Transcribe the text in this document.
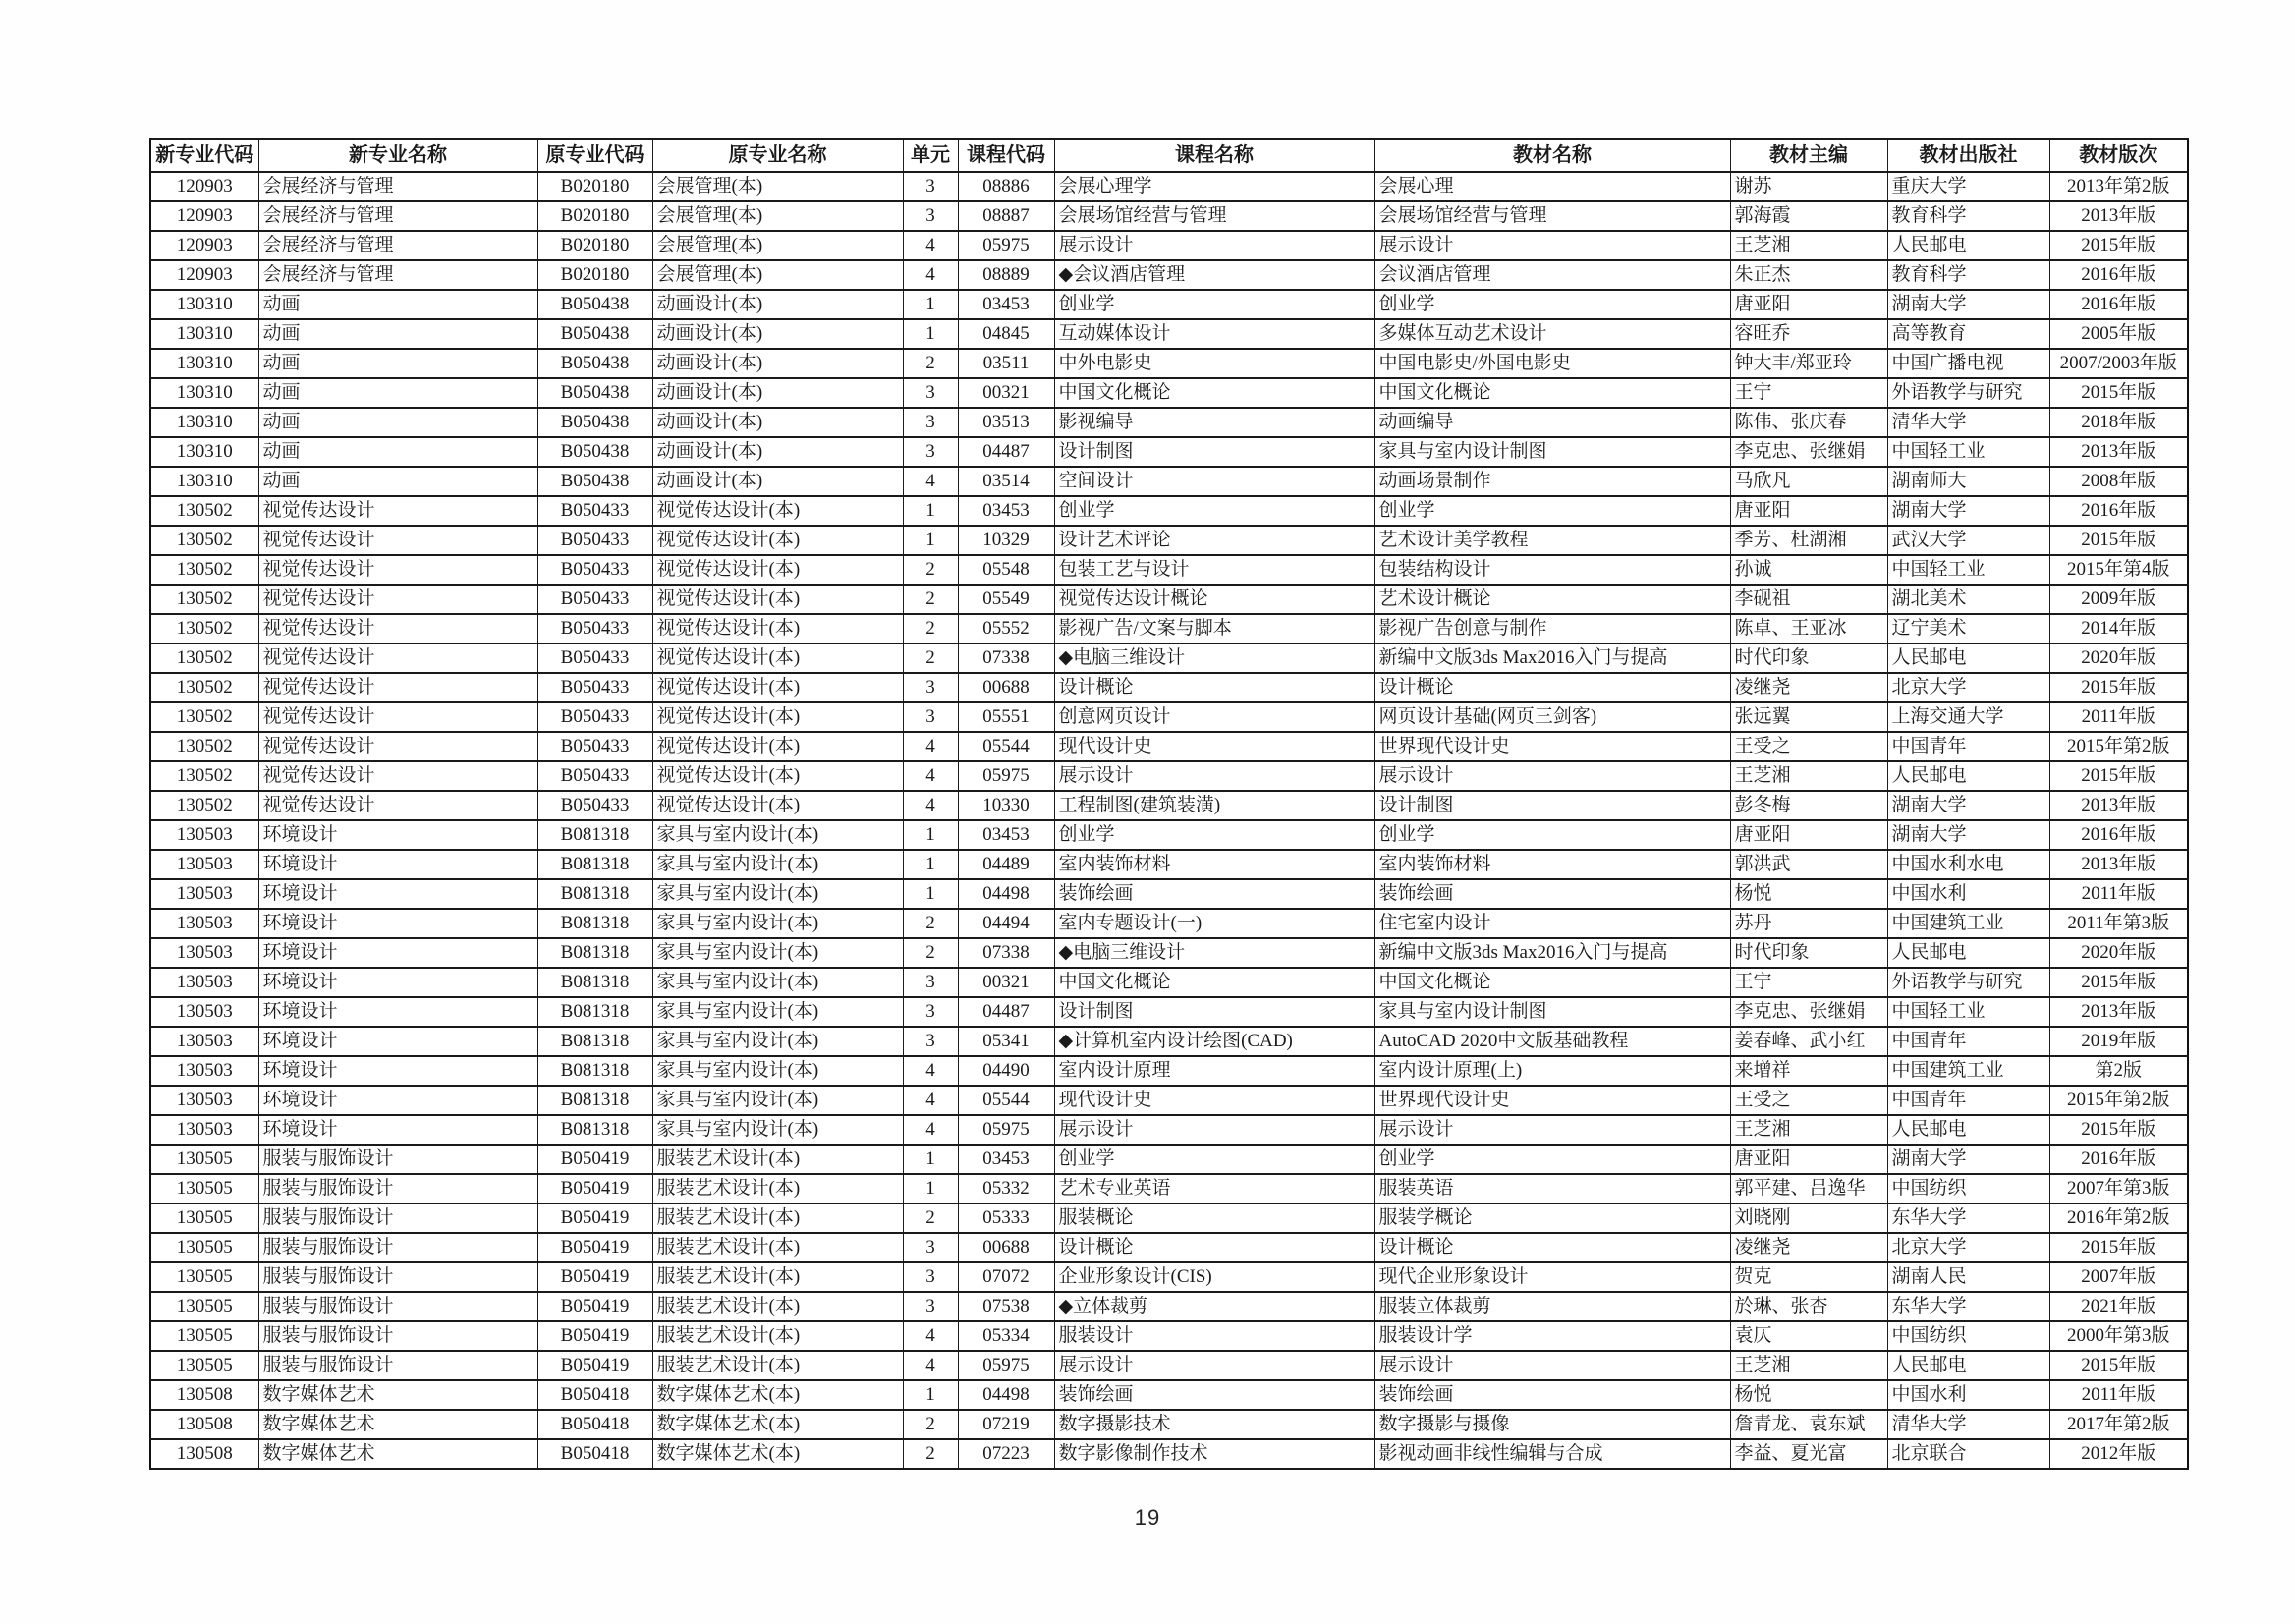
新专业代码	新专业名称	原专业代码	原专业名称	单元	课程代码	课程名称	教材名称	教材主编	教材出版社	教材版次
120903	会展经济与管理	B020180	会展管理(本)	3	08886	会展心理学	会展心理	谢苏	重庆大学	2013年第2版
120903	会展经济与管理	B020180	会展管理(本)	3	08887	会展场馆经营与管理	会展场馆经营与管理	郭海霞	教育科学	2013年版
120903	会展经济与管理	B020180	会展管理(本)	4	05975	展示设计	展示设计	王芝湘	人民邮电	2015年版
120903	会展经济与管理	B020180	会展管理(本)	4	08889	◆会议酒店管理	会议酒店管理	朱正杰	教育科学	2016年版
130310	动画	B050438	动画设计(本)	1	03453	创业学	创业学	唐亚阳	湖南大学	2016年版
130310	动画	B050438	动画设计(本)	1	04845	互动媒体设计	多媒体互动艺术设计	容旺乔	高等教育	2005年版
130310	动画	B050438	动画设计(本)	2	03511	中外电影史	中国电影史/外国电影史	钟大丰/郑亚玲	中国广播电视	2007/2003年版
130310	动画	B050438	动画设计(本)	3	00321	中国文化概论	中国文化概论	王宁	外语教学与研究	2015年版
130310	动画	B050438	动画设计(本)	3	03513	影视编导	动画编导	陈伟、张庆春	清华大学	2018年版
130310	动画	B050438	动画设计(本)	3	04487	设计制图	家具与室内设计制图	李克忠、张继娟	中国轻工业	2013年版
130310	动画	B050438	动画设计(本)	4	03514	空间设计	动画场景制作	马欣凡	湖南师大	2008年版
130502	视觉传达设计	B050433	视觉传达设计(本)	1	03453	创业学	创业学	唐亚阳	湖南大学	2016年版
130502	视觉传达设计	B050433	视觉传达设计(本)	1	10329	设计艺术评论	艺术设计美学教程	季芳、杜湖湘	武汉大学	2015年版
130502	视觉传达设计	B050433	视觉传达设计(本)	2	05548	包装工艺与设计	包装结构设计	孙诚	中国轻工业	2015年第4版
130502	视觉传达设计	B050433	视觉传达设计(本)	2	05549	视觉传达设计概论	艺术设计概论	李砚祖	湖北美术	2009年版
130502	视觉传达设计	B050433	视觉传达设计(本)	2	05552	影视广告/文案与脚本	影视广告创意与制作	陈卓、王亚冰	辽宁美术	2014年版
130502	视觉传达设计	B050433	视觉传达设计(本)	2	07338	◆电脑三维设计	新编中文版3ds Max2016入门与提高	时代印象	人民邮电	2020年版
130502	视觉传达设计	B050433	视觉传达设计(本)	3	00688	设计概论	设计概论	凌继尧	北京大学	2015年版
130502	视觉传达设计	B050433	视觉传达设计(本)	3	05551	创意网页设计	网页设计基础(网页三剑客)	张远翼	上海交通大学	2011年版
130502	视觉传达设计	B050433	视觉传达设计(本)	4	05544	现代设计史	世界现代设计史	王受之	中国青年	2015年第2版
130502	视觉传达设计	B050433	视觉传达设计(本)	4	05975	展示设计	展示设计	王芝湘	人民邮电	2015年版
130502	视觉传达设计	B050433	视觉传达设计(本)	4	10330	工程制图(建筑装潢)	设计制图	彭冬梅	湖南大学	2013年版
130503	环境设计	B081318	家具与室内设计(本)	1	03453	创业学	创业学	唐亚阳	湖南大学	2016年版
130503	环境设计	B081318	家具与室内设计(本)	1	04489	室内装饰材料	室内装饰材料	郭洪武	中国水利水电	2013年版
130503	环境设计	B081318	家具与室内设计(本)	1	04498	装饰绘画	装饰绘画	杨悦	中国水利	2011年版
130503	环境设计	B081318	家具与室内设计(本)	2	04494	室内专题设计(一)	住宅室内设计	苏丹	中国建筑工业	2011年第3版
130503	环境设计	B081318	家具与室内设计(本)	2	07338	◆电脑三维设计	新编中文版3ds Max2016入门与提高	时代印象	人民邮电	2020年版
130503	环境设计	B081318	家具与室内设计(本)	3	00321	中国文化概论	中国文化概论	王宁	外语教学与研究	2015年版
130503	环境设计	B081318	家具与室内设计(本)	3	04487	设计制图	家具与室内设计制图	李克忠、张继娟	中国轻工业	2013年版
130503	环境设计	B081318	家具与室内设计(本)	3	05341	◆计算机室内设计绘图(CAD)	AutoCAD 2020中文版基础教程	姜春峰、武小红	中国青年	2019年版
130503	环境设计	B081318	家具与室内设计(本)	4	04490	室内设计原理	室内设计原理(上)	来增祥	中国建筑工业	第2版
130503	环境设计	B081318	家具与室内设计(本)	4	05544	现代设计史	世界现代设计史	王受之	中国青年	2015年第2版
130503	环境设计	B081318	家具与室内设计(本)	4	05975	展示设计	展示设计	王芝湘	人民邮电	2015年版
130505	服装与服饰设计	B050419	服装艺术设计(本)	1	03453	创业学	创业学	唐亚阳	湖南大学	2016年版
130505	服装与服饰设计	B050419	服装艺术设计(本)	1	05332	艺术专业英语	服装英语	郭平建、吕逸华	中国纺织	2007年第3版
130505	服装与服饰设计	B050419	服装艺术设计(本)	2	05333	服装概论	服装学概论	刘晓刚	东华大学	2016年第2版
130505	服装与服饰设计	B050419	服装艺术设计(本)	3	00688	设计概论	设计概论	凌继尧	北京大学	2015年版
130505	服装与服饰设计	B050419	服装艺术设计(本)	3	07072	企业形象设计(CIS)	现代企业形象设计	贺克	湖南人民	2007年版
130505	服装与服饰设计	B050419	服装艺术设计(本)	3	07538	◆立体裁剪	服装立体裁剪	於琳、张杏	东华大学	2021年版
130505	服装与服饰设计	B050419	服装艺术设计(本)	4	05334	服装设计	服装设计学	袁仄	中国纺织	2000年第3版
130505	服装与服饰设计	B050419	服装艺术设计(本)	4	05975	展示设计	展示设计	王芝湘	人民邮电	2015年版
130508	数字媒体艺术	B050418	数字媒体艺术(本)	1	04498	装饰绘画	装饰绘画	杨悦	中国水利	2011年版
130508	数字媒体艺术	B050418	数字媒体艺术(本)	2	07219	数字摄影技术	数字摄影与摄像	詹青龙、袁东斌	清华大学	2017年第2版
130508	数字媒体艺术	B050418	数字媒体艺术(本)	2	07223	数字影像制作技术	影视动画非线性编辑与合成	李益、夏光富	北京联合	2012年版
19
